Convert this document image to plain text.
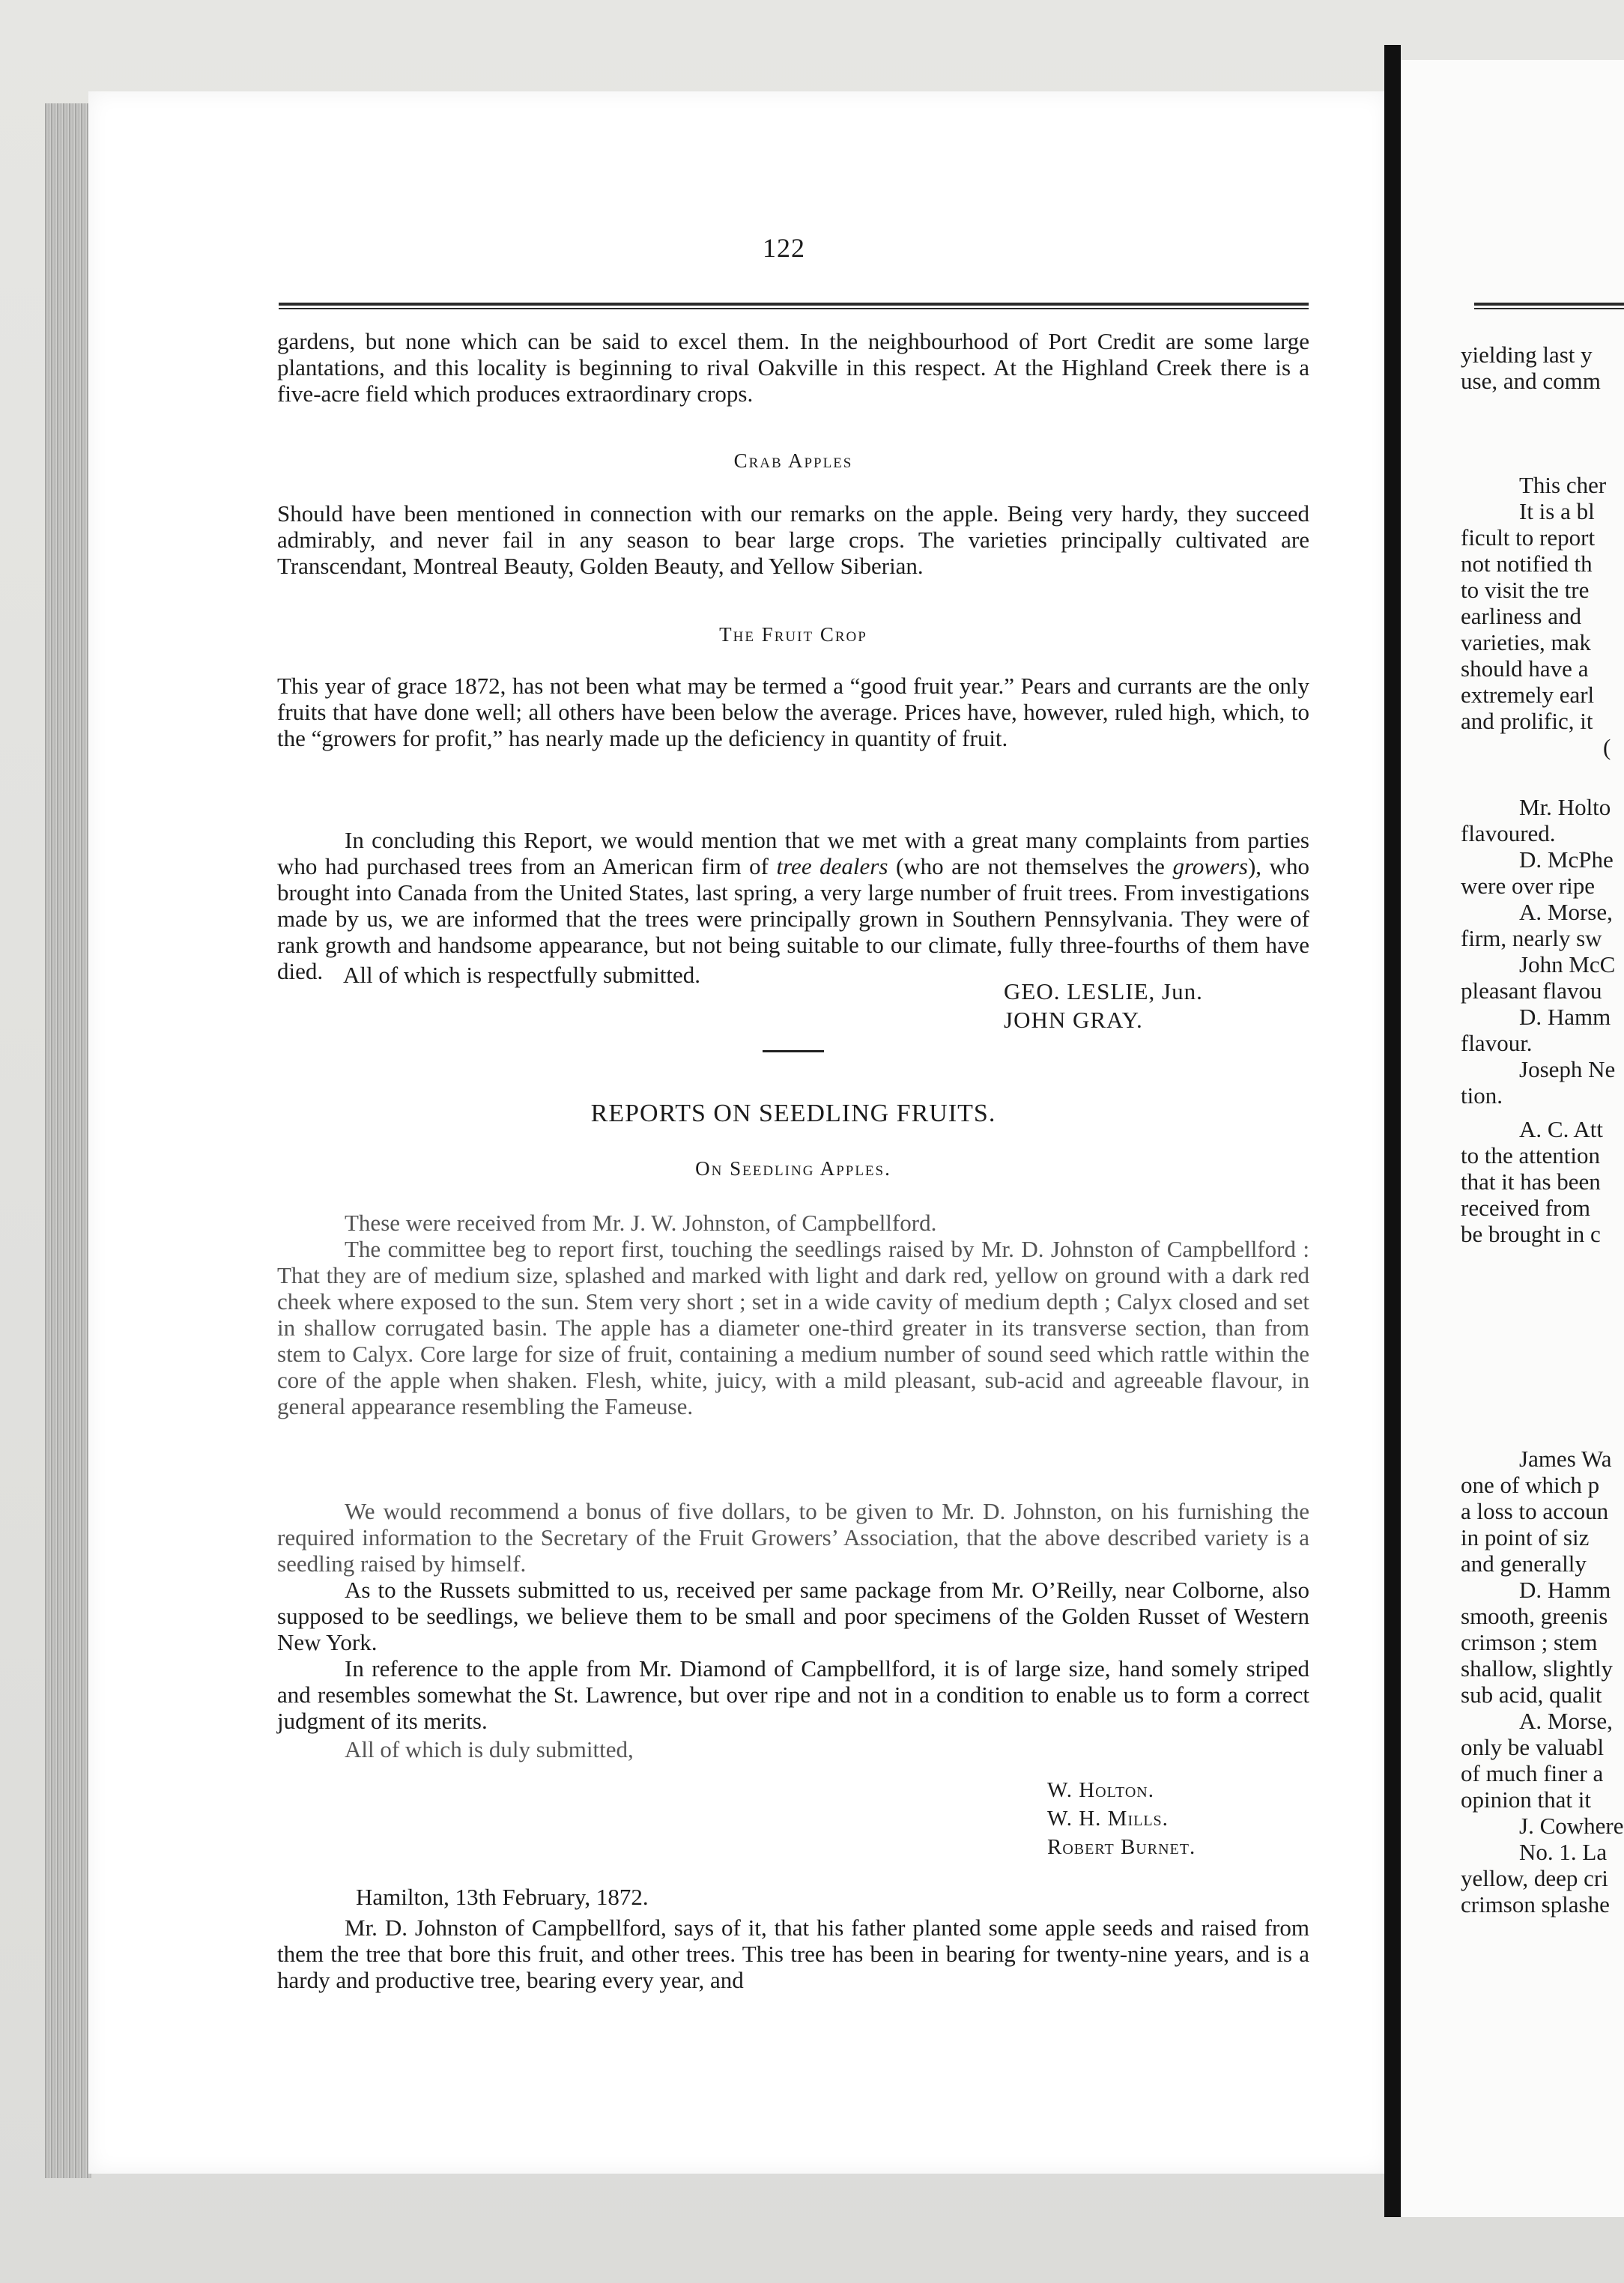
122

gardens, but none which can be said to excel them. In the neighbourhood of Port Credit are some large plantations, and this locality is beginning to rival Oakville in this respect. At the Highland Creek there is a five-acre field which produces extraordinary crops.

Crab Apples

Should have been mentioned in connection with our remarks on the apple. Being very hardy, they succeed admirably, and never fail in any season to bear large crops. The varieties principally cultivated are Transcendant, Montreal Beauty, Golden Beauty, and Yellow Siberian.

The Fruit Crop

This year of grace 1872, has not been what may be termed a “good fruit year.” Pears and currants are the only fruits that have done well; all others have been below the average. Prices have, however, ruled high, which, to the “growers for profit,” has nearly made up the deficiency in quantity of fruit.

In concluding this Report, we would mention that we met with a great many complaints from parties who had purchased trees from an American firm of tree dealers (who are not themselves the growers), who brought into Canada from the United States, last spring, a very large number of fruit trees. From investigations made by us, we are informed that the trees were principally grown in Southern Pennsylvania. They were of rank growth and handsome appearance, but not being suitable to our climate, fully three-fourths of them have died. All of which is respectfully submitted.

GEO. LESLIE, Jun.

JOHN GRAY.

REPORTS ON SEEDLING FRUITS.

On Seedling Apples.

These were received from Mr. J. W. Johnston, of Campbellford.

The committee beg to report first, touching the seedlings raised by Mr. D. Johnston of Campbellford : That they are of medium size, splashed and marked with light and dark red, yellow on ground with a dark red cheek where exposed to the sun. Stem very short ; set in a wide cavity of medium depth ; Calyx closed and set in shallow corrugated basin. The apple has a diameter one-third greater in its transverse section, than from stem to Calyx. Core large for size of fruit, containing a medium number of sound seed which rattle within the core of the apple when shaken. Flesh, white, juicy, with a mild pleasant, sub-acid and agreeable flavour, in general appearance resembling the Fameuse.

We would recommend a bonus of five dollars, to be given to Mr. D. Johnston, on his furnishing the required information to the Secretary of the Fruit Growers’ Association, that the above described variety is a seedling raised by himself.

As to the Russets submitted to us, received per same package from Mr. O’Reilly, near Colborne, also supposed to be seedlings, we believe them to be small and poor specimens of the Golden Russet of Western New York.

In reference to the apple from Mr. Diamond of Campbellford, it is of large size, hand somely striped and resembles somewhat the St. Lawrence, but over ripe and not in a condition to enable us to form a correct judgment of its merits.

All of which is duly submitted,

W. Holton.

W. H. Mills.

Robert Burnet.

Hamilton, 13th February, 1872.

Mr. D. Johnston of Campbellford, says of it, that his father planted some apple seeds and raised from them the tree that bore this fruit, and other trees. This tree has been in bearing for twenty-nine years, and is a hardy and productive tree, bearing every year, and

yielding last y

use, and comm

This cher

It is a bl

ficult to report

not notified th

to visit the tre

earliness and

varieties, mak

should have a

extremely earl

and prolific, it

(

Mr. Holto

flavoured.

D. McPhe

were over ripe

A. Morse,

firm, nearly sw

John McC

pleasant flavou

D. Hamm

flavour.

Joseph Ne

tion.

A. C. Att

to the attention

that it has been

received from

be brought in c

James Wa

one of which p

a loss to accoun

in point of siz

and generally

D. Hamm

smooth, greenis

crimson ; stem

shallow, slightly

sub acid, qualit

A. Morse,

only be valuabl

of much finer a

opinion that it

J. Cowhere

No. 1. La

yellow, deep cri

crimson splashe
